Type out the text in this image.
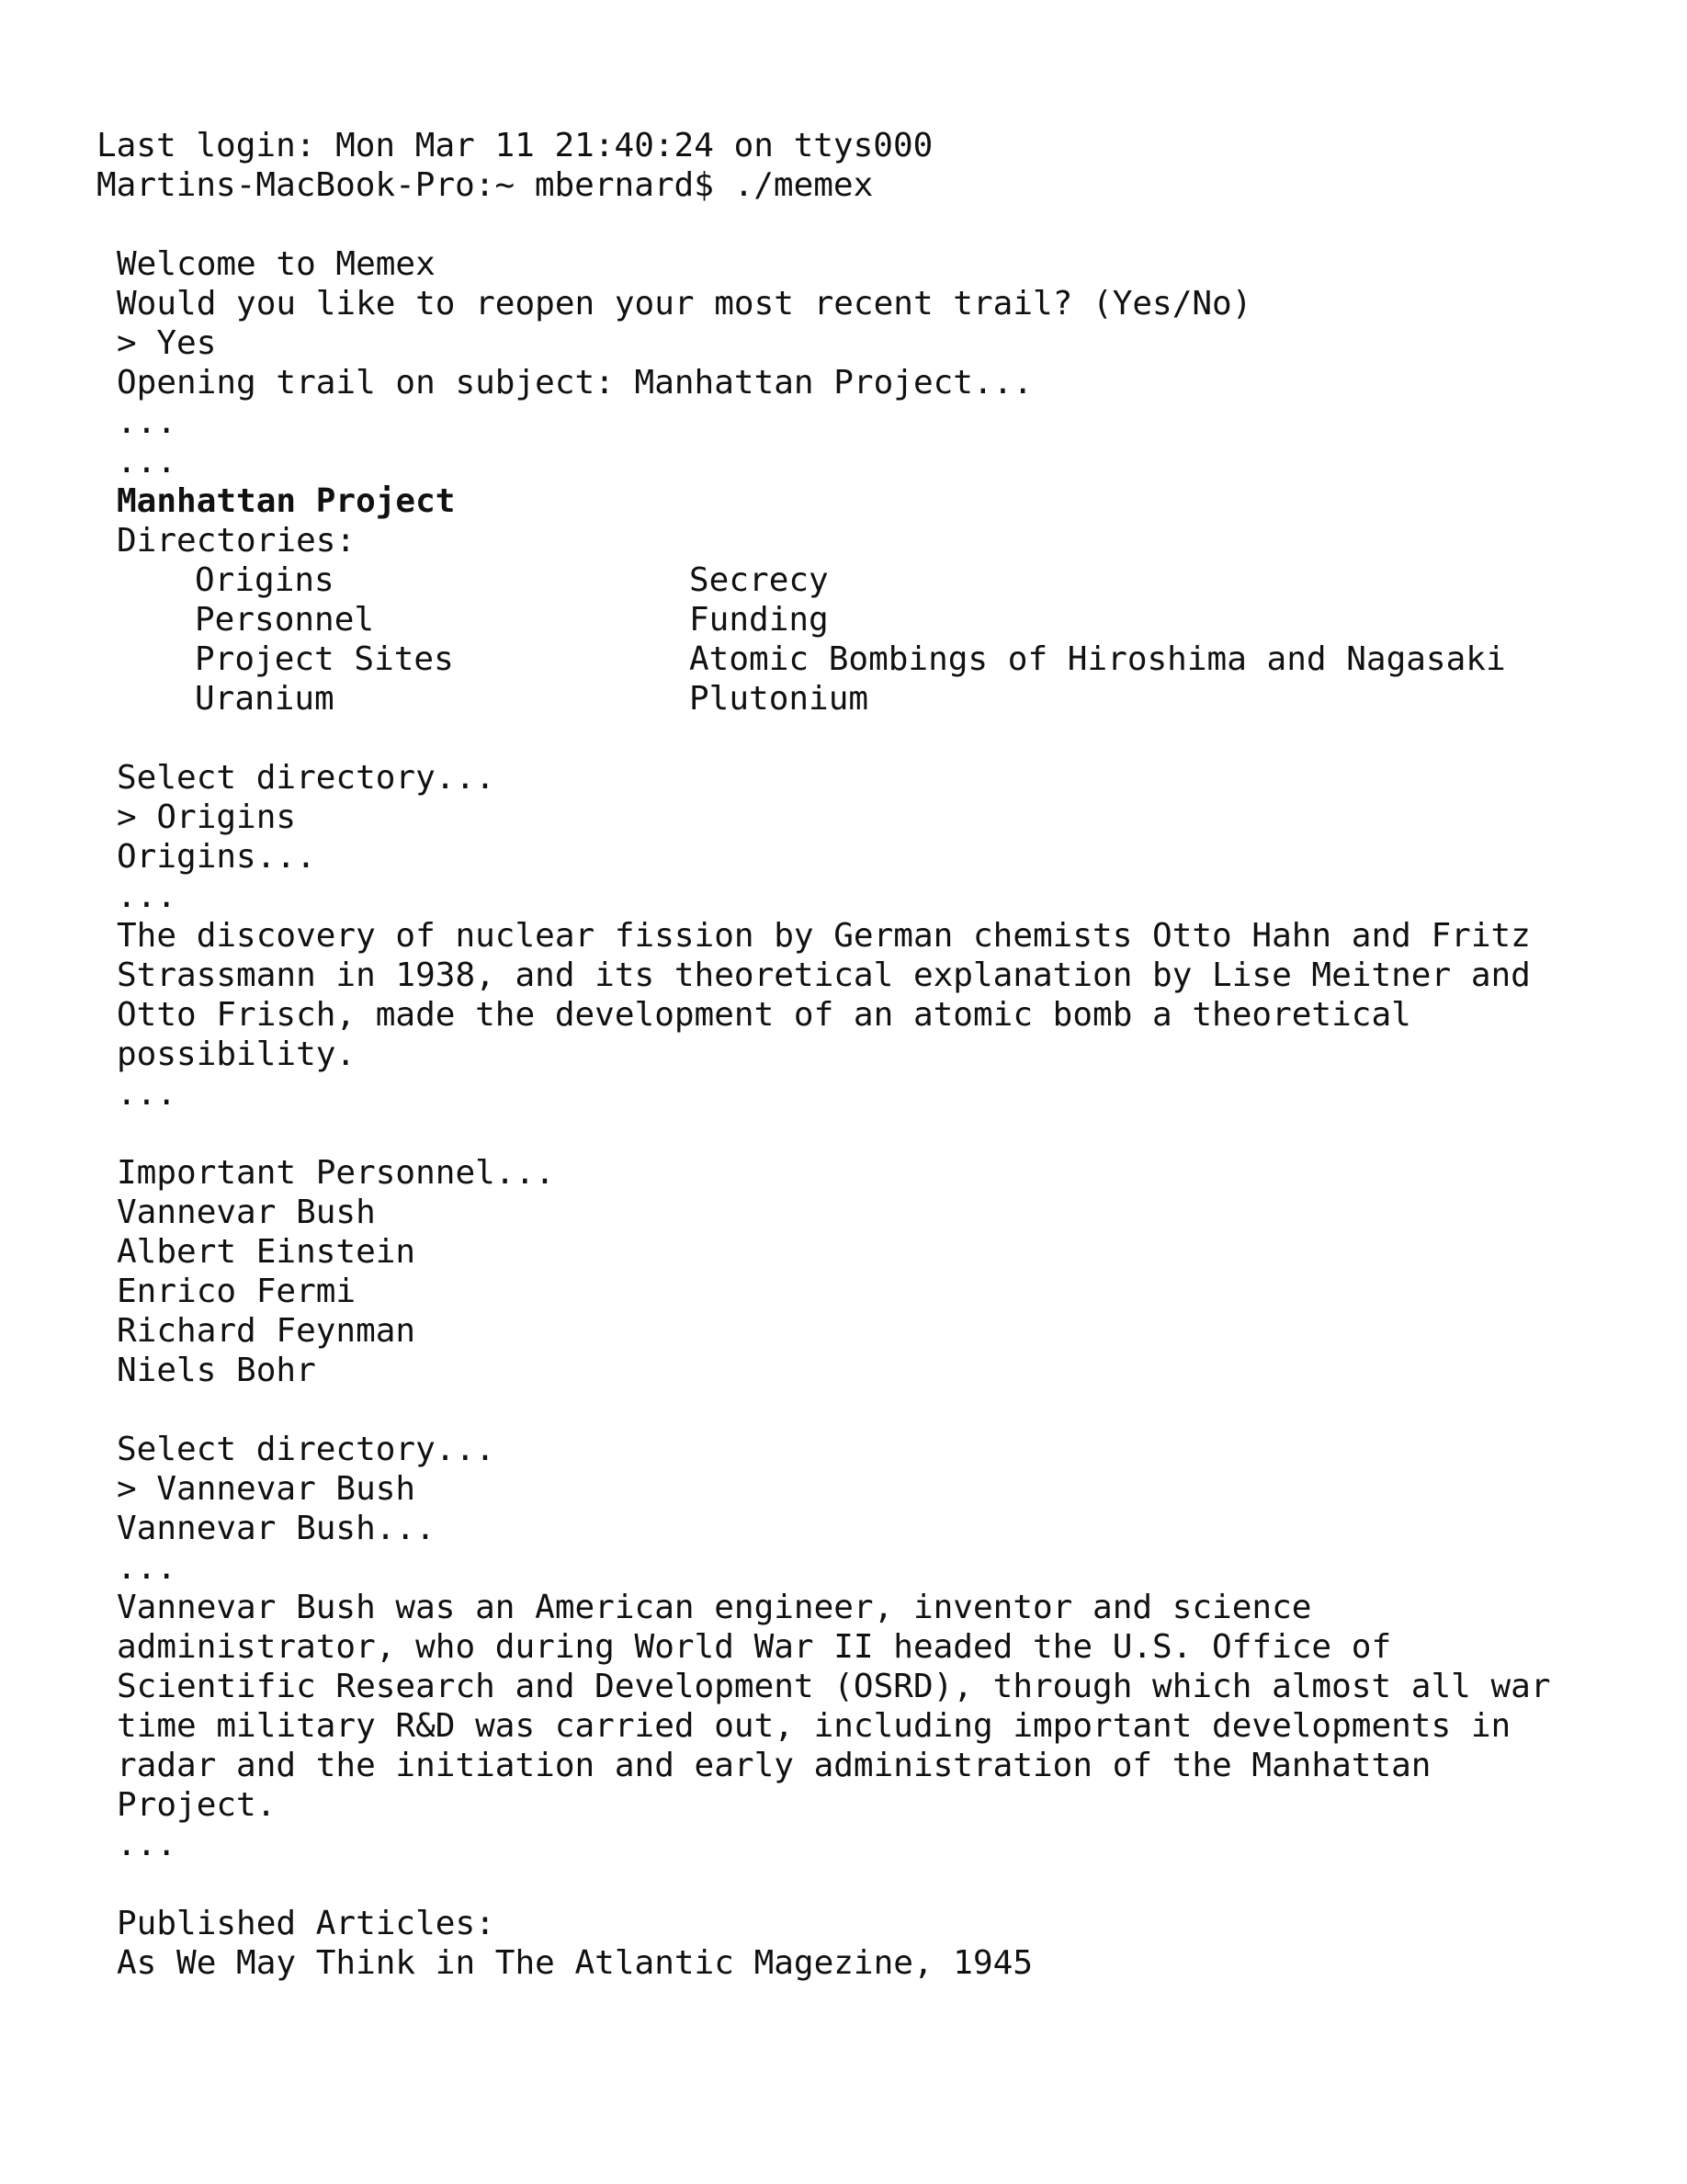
Last login: Mon Mar 11 21:40:24 on ttys000
Martins-MacBook-Pro:~ mbernard$ ./memex
Welcome to Memex
Would you like to reopen your most recent trail? (Yes/No)
> Yes
Opening trail on subject: Manhattan Project...
...
...
Manhattan Project
Directories:
Origins	Secrecy
Personnel	Funding
Project Sites	Atomic Bombings of Hiroshima and Nagasaki
Uranium	Plutonium
Select directory...
> Origins
Origins...
...
The discovery of nuclear fission by German chemists Otto Hahn and Fritz
Strassmann in 1938, and its theoretical explanation by Lise Meitner and
Otto Frisch, made the development of an atomic bomb a theoretical
possibility.
...
Important Personnel...
Vannevar Bush
Albert Einstein
Enrico Fermi
Richard Feynman
Niels Bohr
Select directory...
> Vannevar Bush
Vannevar Bush...
...
Vannevar Bush was an American engineer, inventor and science
administrator, who during World War II headed the U.S. Office of
Scientific Research and Development (OSRD), through which almost all war
time military R&D was carried out, including important developments in
radar and the initiation and early administration of the Manhattan
Project.
...
Published Articles:
As We May Think in The Atlantic Magezine, 1945
